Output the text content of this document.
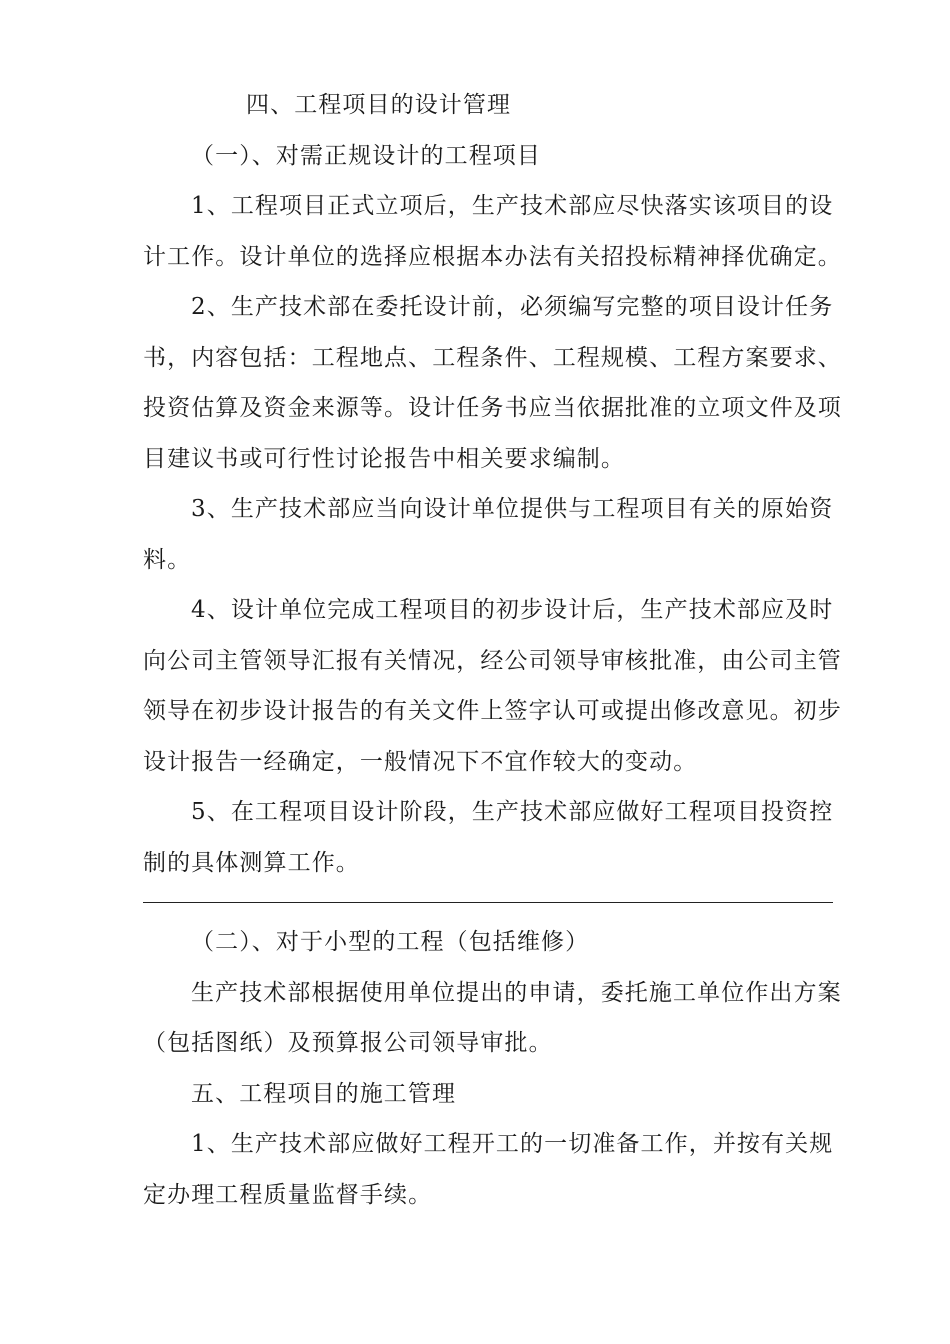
四、工程项目的设计管理
（一）、对需正规设计的工程项目
1、工程项目正式立项后，生产技术部应尽快落实该项目的设
计工作。设计单位的选择应根据本办法有关招投标精神择优确定。
2、生产技术部在委托设计前，必须编写完整的项目设计任务
书，内容包括：工程地点、工程条件、工程规模、工程方案要求、
投资估算及资金来源等。设计任务书应当依据批准的立项文件及项
目建议书或可行性讨论报告中相关要求编制。
3、生产技术部应当向设计单位提供与工程项目有关的原始资
料。
4、设计单位完成工程项目的初步设计后，生产技术部应及时
向公司主管领导汇报有关情况，经公司领导审核批准，由公司主管
领导在初步设计报告的有关文件上签字认可或提出修改意见。初步
设计报告一经确定，一般情况下不宜作较大的变动。
5、在工程项目设计阶段，生产技术部应做好工程项目投资控
制的具体测算工作。
（二）、对于小型的工程（包括维修）
生产技术部根据使用单位提出的申请，委托施工单位作出方案
（包括图纸）及预算报公司领导审批。
五、工程项目的施工管理
1、生产技术部应做好工程开工的一切准备工作，并按有关规
定办理工程质量监督手续。
